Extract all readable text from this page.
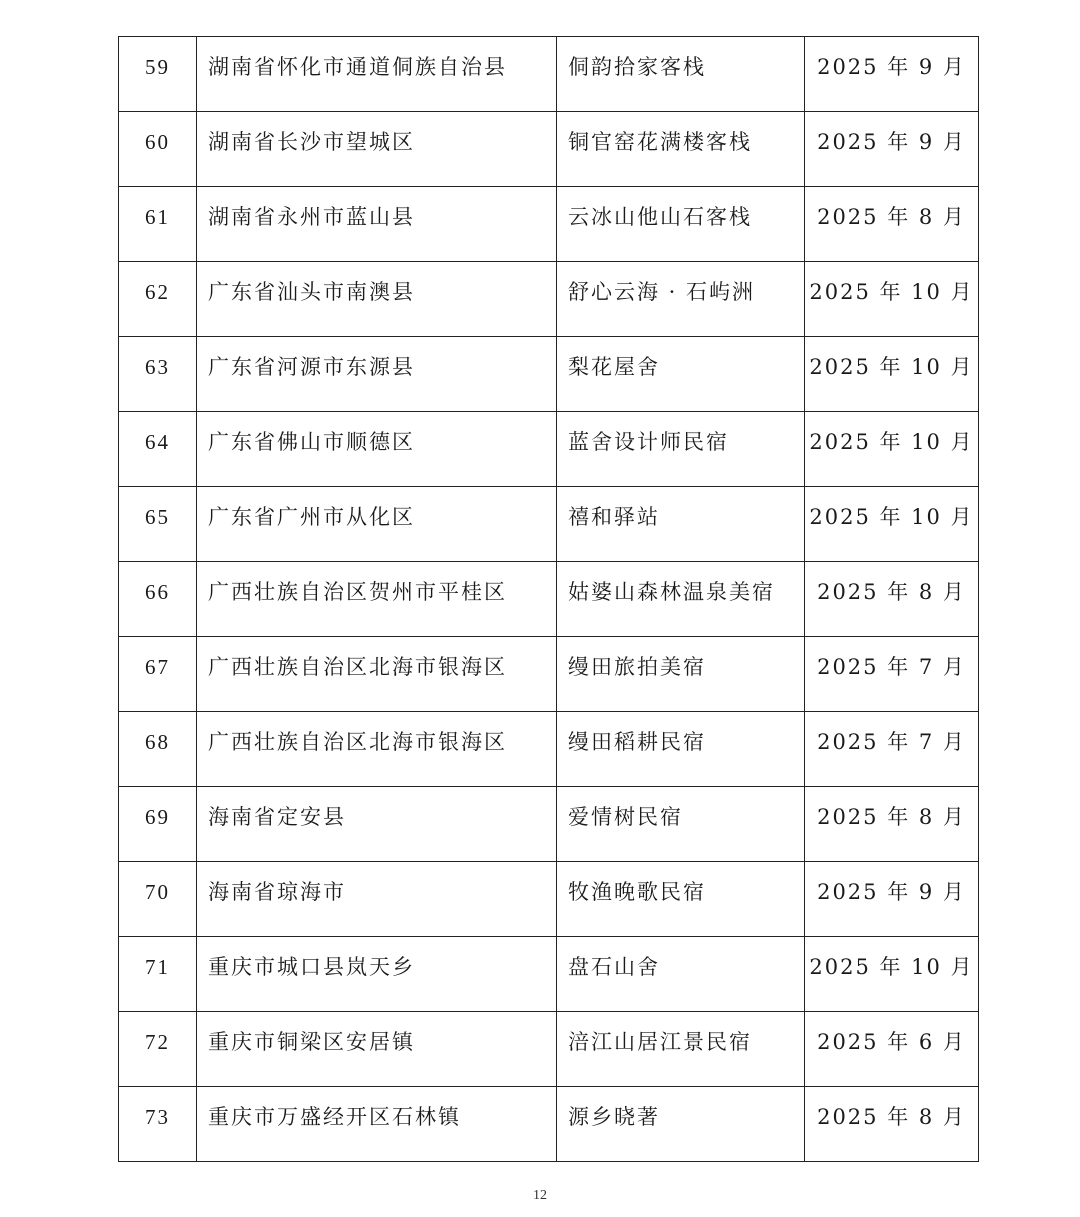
59	湖南省怀化市通道侗族自治县	侗韵拾家客栈	2025 年 9 月
60	湖南省长沙市望城区	铜官窑花满楼客栈	2025 年 9 月
61	湖南省永州市蓝山县	云冰山他山石客栈	2025 年 8 月
62	广东省汕头市南澳县	舒心云海 · 石屿洲	2025 年 10 月
63	广东省河源市东源县	梨花屋舍	2025 年 10 月
64	广东省佛山市顺德区	蓝舍设计师民宿	2025 年 10 月
65	广东省广州市从化区	禧和驿站	2025 年 10 月
66	广西壮族自治区贺州市平桂区	姑婆山森林温泉美宿	2025 年 8 月
67	广西壮族自治区北海市银海区	缦田旅拍美宿	2025 年 7 月
68	广西壮族自治区北海市银海区	缦田稻耕民宿	2025 年 7 月
69	海南省定安县	爱情树民宿	2025 年 8 月
70	海南省琼海市	牧渔晚歌民宿	2025 年 9 月
71	重庆市城口县岚天乡	盘石山舍	2025 年 10 月
72	重庆市铜梁区安居镇	涪江山居江景民宿	2025 年 6 月
73	重庆市万盛经开区石林镇	源乡晓著	2025 年 8 月
12
